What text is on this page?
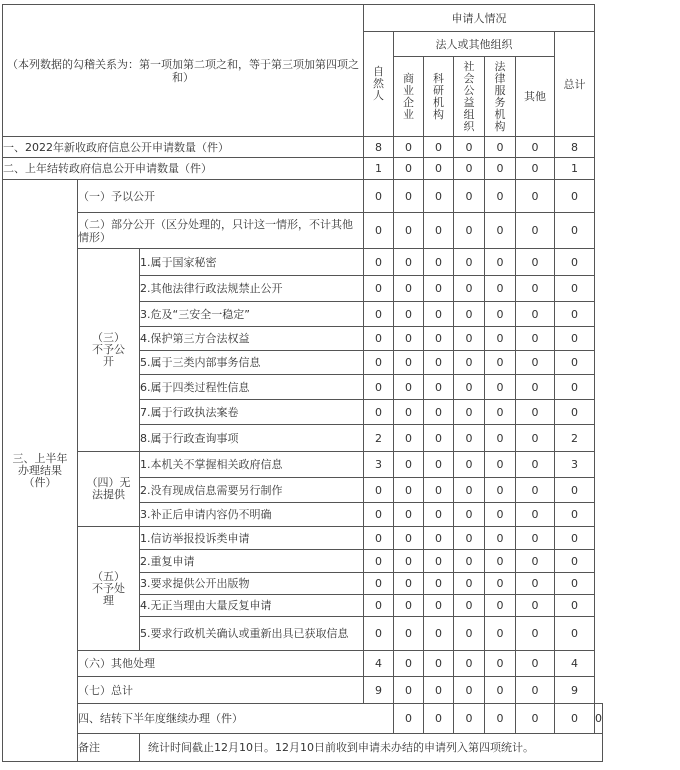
（本列数据的勾稽关系为：第一项加第二项之和，等于第三项加第四项之和）			申请人情况							
			自然人	法人或其他组织					总计	
				商业企业	科研机构	社会公益组织	法律服务机构	其他		
一、2022年新收政府信息公开申请数量（件）			8	0	0	0	0	0	8	
二、上年结转政府信息公开申请数量（件）			1	0	0	0	0	0	1	
三、上半年办理结果（件）	（一）予以公开		0	0	0	0	0	0	0	
	（二）部分公开（区分处理的，只计这一情形，不计其他情形）		0	0	0	0	0	0	0	
	（三）不予公开	1.属于国家秘密	0	0	0	0	0	0	0	
		2.其他法律行政法规禁止公开	0	0	0	0	0	0	0	
		3.危及“三安全一稳定”	0	0	0	0	0	0	0	
		4.保护第三方合法权益	0	0	0	0	0	0	0	
		5.属于三类内部事务信息	0	0	0	0	0	0	0	
		6.属于四类过程性信息	0	0	0	0	0	0	0	
		7.属于行政执法案卷	0	0	0	0	0	0	0	
		8.属于行政查询事项	2	0	0	0	0	0	2	
	（四）无法提供	1.本机关不掌握相关政府信息	3	0	0	0	0	0	3	
		2.没有现成信息需要另行制作	0	0	0	0	0	0	0	
		3.补正后申请内容仍不明确	0	0	0	0	0	0	0	
	（五）不予处理	1.信访举报投诉类申请	0	0	0	0	0	0	0	
		2.重复申请	0	0	0	0	0	0	0	
		3.要求提供公开出版物	0	0	0	0	0	0	0	
		4.无正当理由大量反复申请	0	0	0	0	0	0	0	
		5.要求行政机关确认或重新出具已获取信息	0	0	0	0	0	0	0	
	（六）其他处理		4	0	0	0	0	0	4	
	（七）总计		9	0	0	0	0	0	9	
	四、结转下半年度继续办理（件）			0	0	0	0	0	0	0
	备注	统计时间截止12月10日。12月10日前收到申请未办结的申请列入第四项统计。								
